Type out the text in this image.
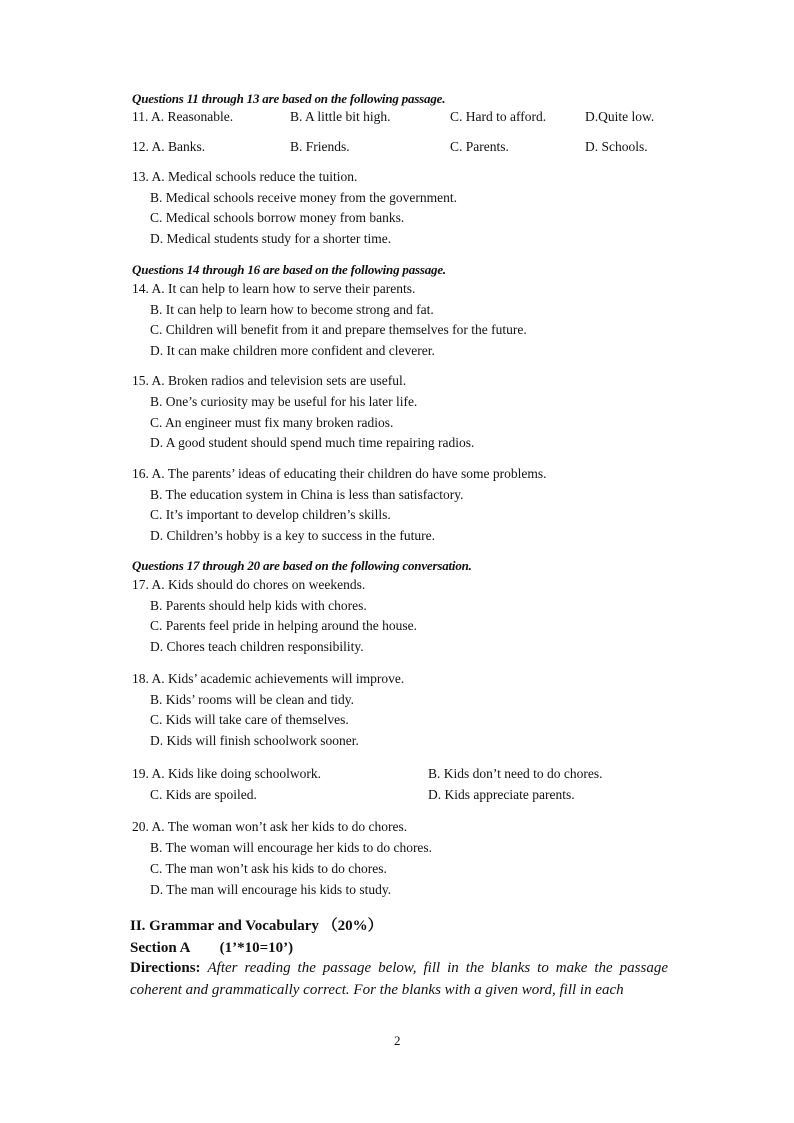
Questions 11 through 13 are based on the following passage.
11. A. Reasonable.	B. A little bit high.	C. Hard to afford.	D.Quite low.
12. A. Banks.	B. Friends.	C. Parents.	D. Schools.
13. A. Medical schools reduce the tuition.
B. Medical schools receive money from the government.
C. Medical schools borrow money from banks.
D. Medical students study for a shorter time.
Questions 14 through 16 are based on the following passage.
14. A. It can help to learn how to serve their parents.
B. It can help to learn how to become strong and fat.
C. Children will benefit from it and prepare themselves for the future.
D. It can make children more confident and cleverer.
15. A. Broken radios and television sets are useful.
B. One’s curiosity may be useful for his later life.
C. An engineer must fix many broken radios.
D. A good student should spend much time repairing radios.
16. A. The parents’ ideas of educating their children do have some problems.
B. The education system in China is less than satisfactory.
C. It’s important to develop children’s skills.
D. Children’s hobby is a key to success in the future.
Questions 17 through 20 are based on the following conversation.
17. A. Kids should do chores on weekends.
B. Parents should help kids with chores.
C. Parents feel pride in helping around the house.
D. Chores teach children responsibility.
18. A. Kids’ academic achievements will improve.
B. Kids’ rooms will be clean and tidy.
C. Kids will take care of themselves.
D. Kids will finish schoolwork sooner.
19. A. Kids like doing schoolwork.	B. Kids don’t need to do chores.
C. Kids are spoiled.	D. Kids appreciate parents.
20. A. The woman won’t ask her kids to do chores.
B. The woman will encourage her kids to do chores.
C. The man won’t ask his kids to do chores.
D. The man will encourage his kids to study.
II. Grammar and Vocabulary （20%）
Section A　　(1’*10=10’)
Directions: After reading the passage below, fill in the blanks to make the passage coherent and grammatically correct. For the blanks with a given word, fill in each
2
